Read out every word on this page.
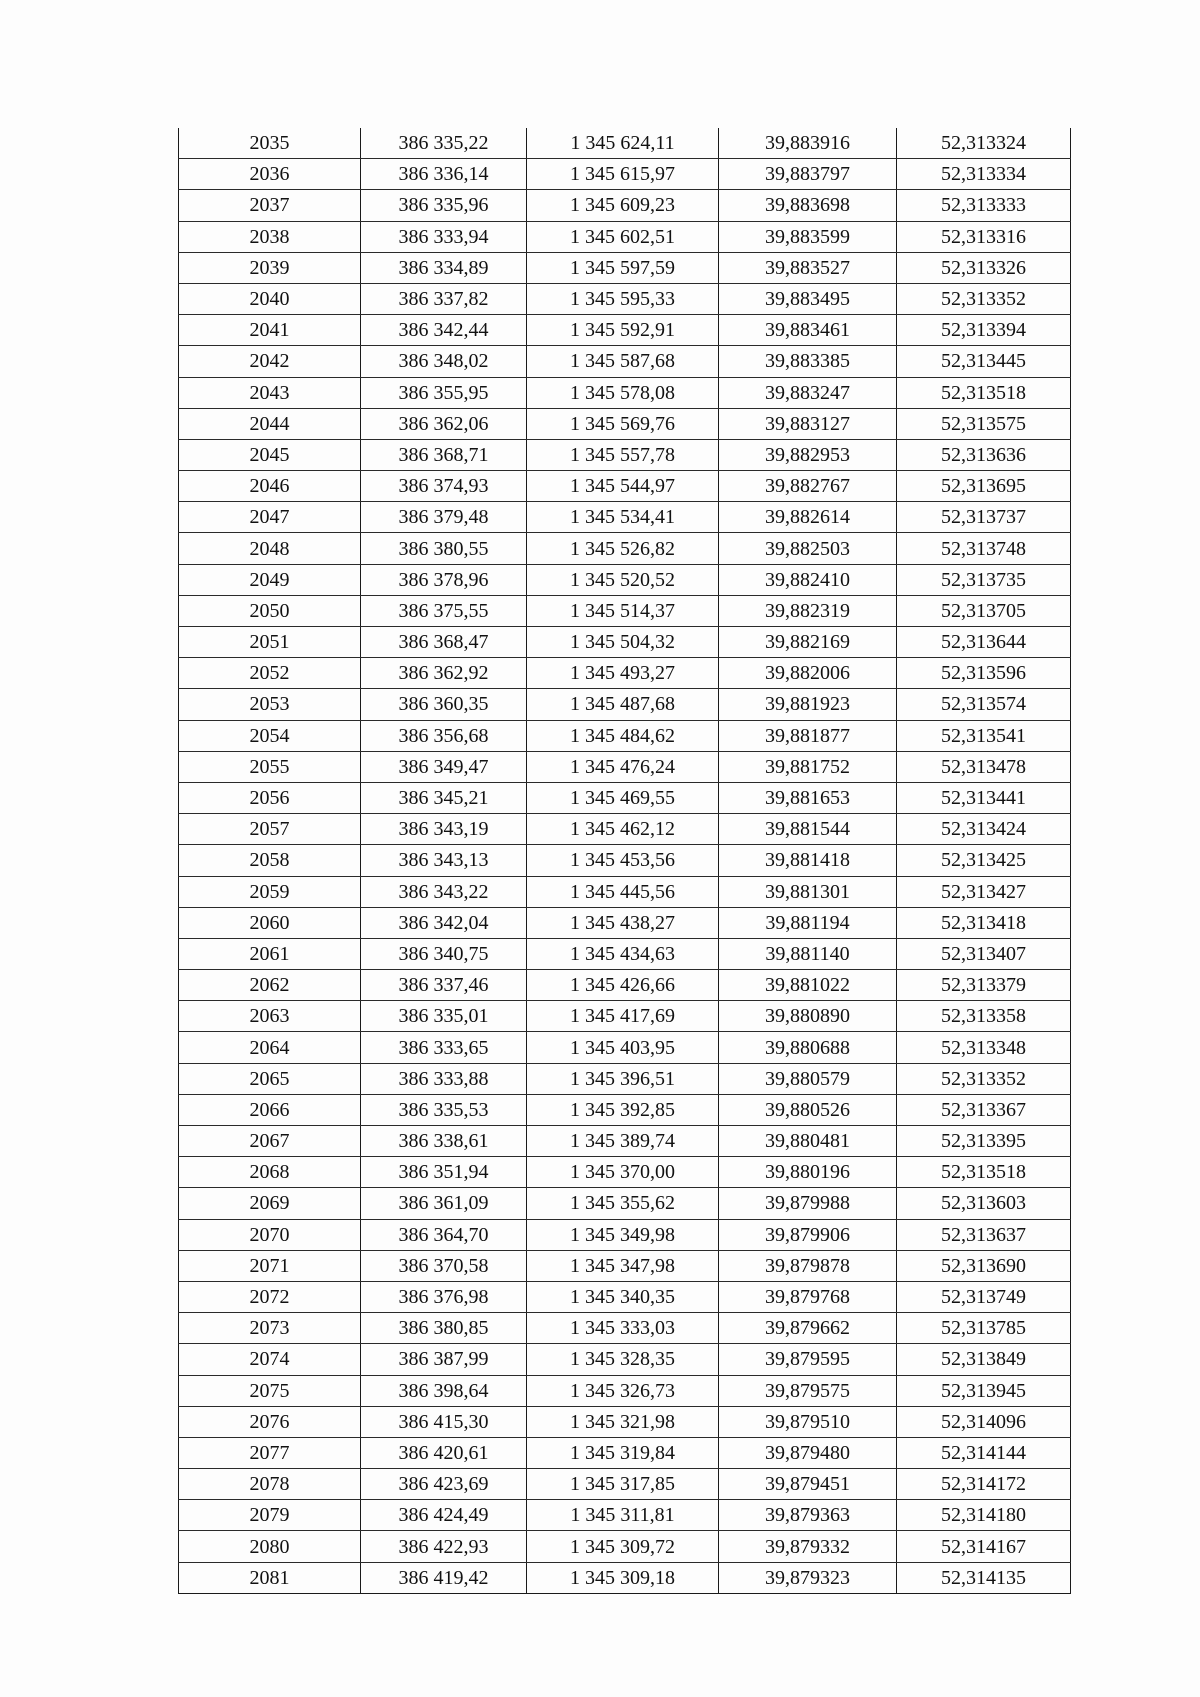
2035	386 335,22	1 345 624,11	39,883916	52,313324
2036	386 336,14	1 345 615,97	39,883797	52,313334
2037	386 335,96	1 345 609,23	39,883698	52,313333
2038	386 333,94	1 345 602,51	39,883599	52,313316
2039	386 334,89	1 345 597,59	39,883527	52,313326
2040	386 337,82	1 345 595,33	39,883495	52,313352
2041	386 342,44	1 345 592,91	39,883461	52,313394
2042	386 348,02	1 345 587,68	39,883385	52,313445
2043	386 355,95	1 345 578,08	39,883247	52,313518
2044	386 362,06	1 345 569,76	39,883127	52,313575
2045	386 368,71	1 345 557,78	39,882953	52,313636
2046	386 374,93	1 345 544,97	39,882767	52,313695
2047	386 379,48	1 345 534,41	39,882614	52,313737
2048	386 380,55	1 345 526,82	39,882503	52,313748
2049	386 378,96	1 345 520,52	39,882410	52,313735
2050	386 375,55	1 345 514,37	39,882319	52,313705
2051	386 368,47	1 345 504,32	39,882169	52,313644
2052	386 362,92	1 345 493,27	39,882006	52,313596
2053	386 360,35	1 345 487,68	39,881923	52,313574
2054	386 356,68	1 345 484,62	39,881877	52,313541
2055	386 349,47	1 345 476,24	39,881752	52,313478
2056	386 345,21	1 345 469,55	39,881653	52,313441
2057	386 343,19	1 345 462,12	39,881544	52,313424
2058	386 343,13	1 345 453,56	39,881418	52,313425
2059	386 343,22	1 345 445,56	39,881301	52,313427
2060	386 342,04	1 345 438,27	39,881194	52,313418
2061	386 340,75	1 345 434,63	39,881140	52,313407
2062	386 337,46	1 345 426,66	39,881022	52,313379
2063	386 335,01	1 345 417,69	39,880890	52,313358
2064	386 333,65	1 345 403,95	39,880688	52,313348
2065	386 333,88	1 345 396,51	39,880579	52,313352
2066	386 335,53	1 345 392,85	39,880526	52,313367
2067	386 338,61	1 345 389,74	39,880481	52,313395
2068	386 351,94	1 345 370,00	39,880196	52,313518
2069	386 361,09	1 345 355,62	39,879988	52,313603
2070	386 364,70	1 345 349,98	39,879906	52,313637
2071	386 370,58	1 345 347,98	39,879878	52,313690
2072	386 376,98	1 345 340,35	39,879768	52,313749
2073	386 380,85	1 345 333,03	39,879662	52,313785
2074	386 387,99	1 345 328,35	39,879595	52,313849
2075	386 398,64	1 345 326,73	39,879575	52,313945
2076	386 415,30	1 345 321,98	39,879510	52,314096
2077	386 420,61	1 345 319,84	39,879480	52,314144
2078	386 423,69	1 345 317,85	39,879451	52,314172
2079	386 424,49	1 345 311,81	39,879363	52,314180
2080	386 422,93	1 345 309,72	39,879332	52,314167
2081	386 419,42	1 345 309,18	39,879323	52,314135
